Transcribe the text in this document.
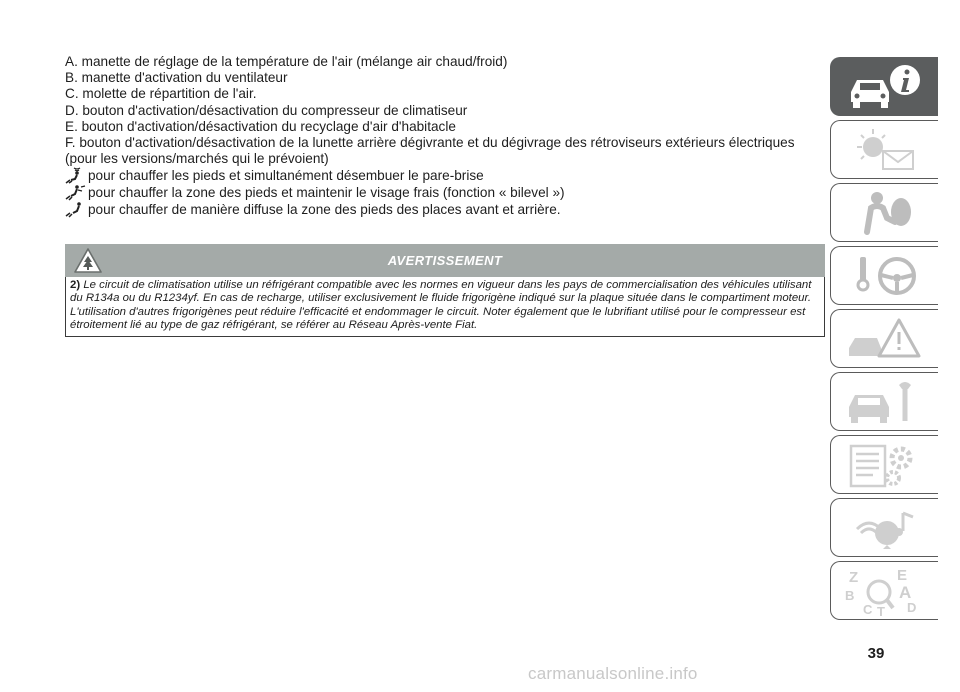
A. manette de réglage de la température de l'air (mélange air chaud/froid)

B. manette d'activation du ventilateur

C. molette de répartition de l'air.

D. bouton d'activation/désactivation du compresseur de climatiseur

E. bouton d'activation/désactivation du recyclage d'air d'habitacle

F. bouton d'activation/désactivation de la lunette arrière dégivrante et du dégivrage des rétroviseurs extérieurs électriques (pour les versions/marchés qui le prévoient)

pour chauffer les pieds et simultanément désembuer le pare-brise
pour chauffer la zone des pieds et maintenir le visage frais (fonction « bilevel »)
pour chauffer de manière diffuse la zone des pieds des places avant et arrière.
AVERTISSEMENT
2) Le circuit de climatisation utilise un réfrigérant compatible avec les normes en vigueur dans les pays de commercialisation des véhicules utilisant du R134a ou du R1234yf. En cas de recharge, utiliser exclusivement le fluide frigorigène indiqué sur la plaque située dans le compartiment moteur. L'utilisation d'autres frigorigènes peut réduire l'efficacité et endommager le circuit. Noter également que le lubrifiant utilisé pour le compresseur est étroitement lié au type de gaz réfrigérant, se référer au Réseau Après-vente Fiat.
Z	E
B	A
C	D
T
39
carmanualsonline.info
